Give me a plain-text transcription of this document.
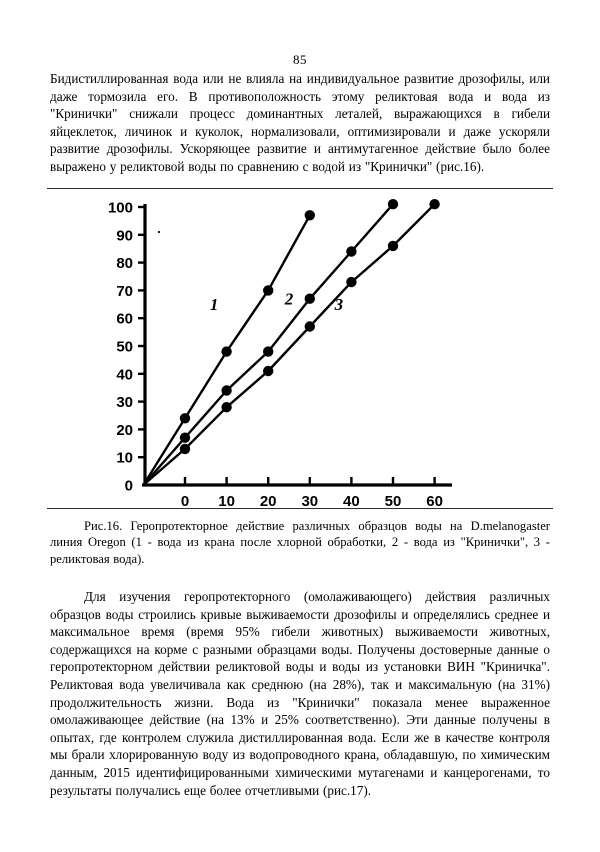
85

Бидистиллированная вода или не влияла на индивидуальное развитие дрозофилы, или даже тормозила его. В противоположность этому реликтовая вода и вода из "Кринички" снижали процесс доминантных леталей, выражающихся в гибели яйцеклеток, личинок и куколок, нормализовали, оптимизировали и даже ускоряли развитие дрозофилы. Ускоряющее развитие и антимутагенное действие было более выражено у реликтовой воды по сравнению с водой из "Кринички" (рис.16).

0
10
20
30
40
50
60
70
80
90
100
0 10 20 30 40 50 60
1	2 3

Рис.16. Геропротекторное действие различных образцов воды на D.melanogaster линия Oregon (1 - вода из крана после хлорной обработки, 2 - вода из "Кринички", 3 - реликтовая вода).

Для изучения геропротекторного (омолаживающего) действия различных образцов воды строились кривые выживаемости дрозофилы и определялись среднее и максимальное время (время 95% гибели животных) выживаемости животных, содержащихся на корме с разными образцами воды. Получены достоверные данные о геропротекторном действии реликтовой воды и воды из установки ВИН "Криничка". Реликтовая вода увеличивала как среднюю (на 28%), так и максимальную (на 31%) продолжительность жизни. Вода из "Кринички" показала менее выраженное омолаживающее действие (на 13% и 25% соответственно). Эти данные получены в опытах, где контролем служила дистиллированная вода. Если же в качестве контроля мы брали хлорированную воду из водопроводного крана, обладавшую, по химическим данным, 2015 идентифицированными химическими мутагенами и канцерогенами, то результаты получались еще более отчетливыми (рис.17).
